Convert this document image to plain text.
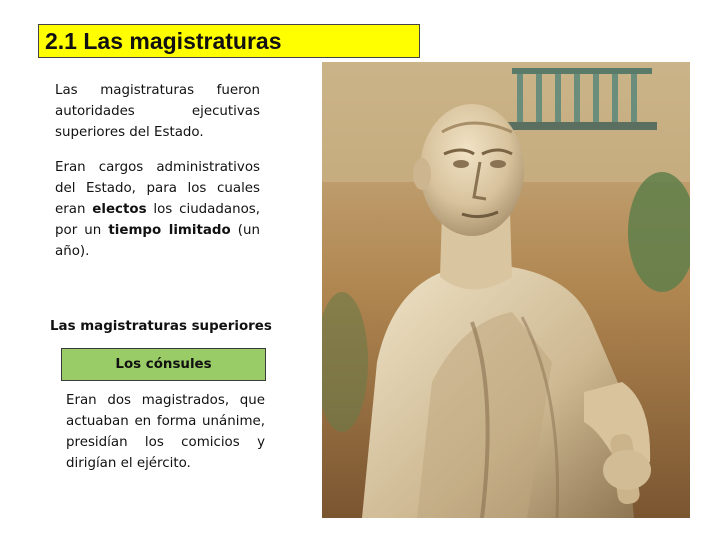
2.1 Las magistraturas
Las magistraturas fueron autoridades ejecutivas superiores del Estado.
Eran cargos administrativos del Estado, para los cuales eran electos los ciudadanos, por un tiempo limitado (un año).
Las magistraturas superiores
Los cónsules
Eran dos magistrados, que actuaban en forma unánime, presidían los comicios y dirigían el ejército.
